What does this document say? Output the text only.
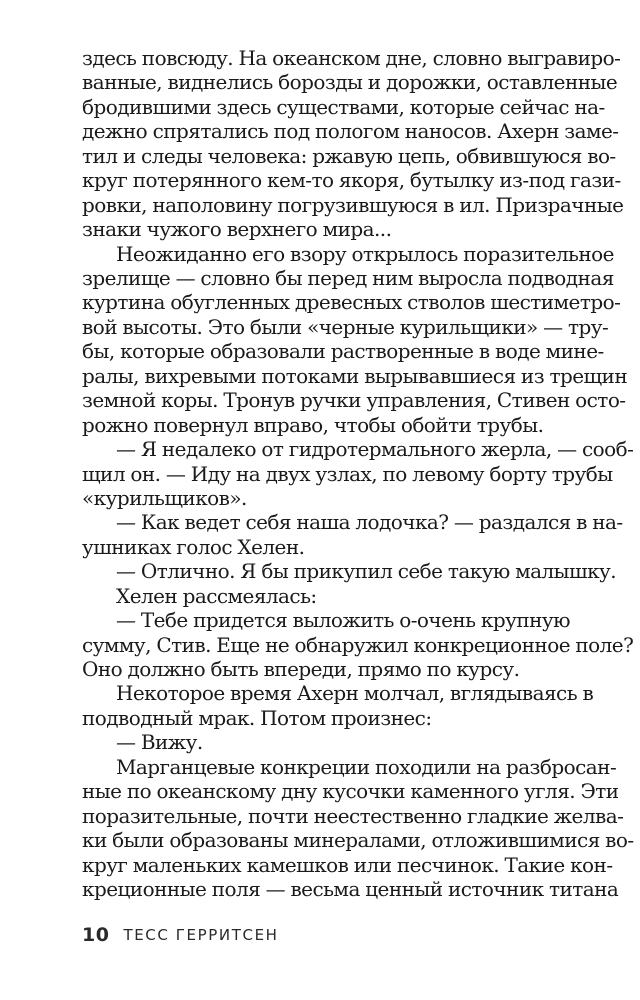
здесь повсюду. На океанском дне, словно выгравиро-
ванные, виднелись борозды и дорожки, оставленные
бродившими здесь существами, которые сейчас на-
дежно спрятались под пологом наносов. Ахерн заме-
тил и следы человека: ржавую цепь, обвившуюся во-
круг потерянного кем-то якоря, бутылку из-под гази-
ровки, наполовину погрузившуюся в ил. Призрачные
знаки чужого верхнего мира...
Неожиданно его взору открылось поразительное
зрелище — словно бы перед ним выросла подводная
куртина обугленных древесных стволов шестиметро-
вой высоты. Это были «черные курильщики» — тру-
бы, которые образовали растворенные в воде мине-
ралы, вихревыми потоками вырывавшиеся из трещин
земной коры. Тронув ручки управления, Стивен осто-
рожно повернул вправо, чтобы обойти трубы.
— Я недалеко от гидротермального жерла, — сооб-
щил он. — Иду на двух узлах, по левому борту трубы
«курильщиков».
— Как ведет себя наша лодочка? — раздался в на-
ушниках голос Хелен.
— Отлично. Я бы прикупил себе такую малышку.
Хелен рассмеялась:
— Тебе придется выложить о-очень крупную
сумму, Стив. Еще не обнаружил конкреционное поле?
Оно должно быть впереди, прямо по курсу.
Некоторое время Ахерн молчал, вглядываясь в
подводный мрак. Потом произнес:
— Вижу.
Марганцевые конкреции походили на разбросан-
ные по океанскому дну кусочки каменного угля. Эти
поразительные, почти неестественно гладкие желва-
ки были образованы минералами, отложившимися во-
круг маленьких камешков или песчинок. Такие кон-
креционные поля — весьма ценный источник титана
10 ТЕСС ГЕРРИТСЕН
